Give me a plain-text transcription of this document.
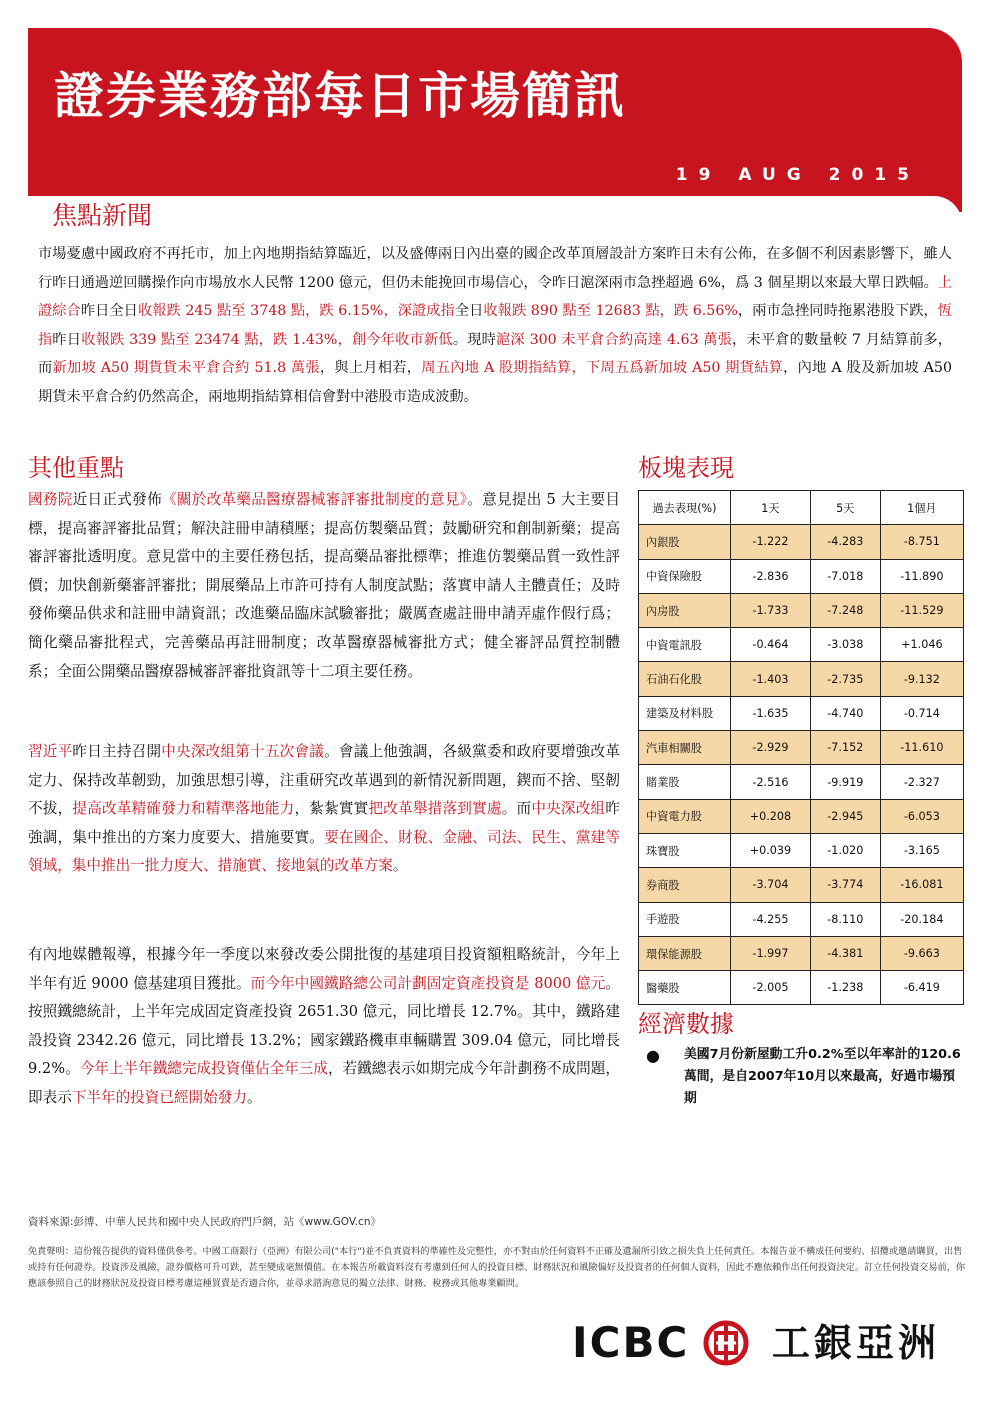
證券業務部每日市場簡訊
19 AUG 2015
焦點新聞

市場憂慮中國政府不再托市，加上內地期指結算臨近，以及盛傳兩日內出臺的國企改革頂層設計方案昨日未有公佈，在多個不利因素影響下，雖人行昨日通過逆回購操作向市場放水人民幣 1200 億元，但仍未能挽回市場信心，令昨日滬深兩市急挫超過 6%，爲 3 個星期以來最大單日跌幅。上證綜合昨日全日收報跌 245 點至 3748 點，跌 6.15%，深證成指全日收報跌 890 點至 12683 點，跌 6.56%，兩市急挫同時拖累港股下跌，恆指昨日收報跌 339 點至 23474 點，跌 1.43%，創今年收市新低。現時滬深 300 未平倉合約高達 4.63 萬張，未平倉的數量較 7 月結算前多，而新加坡 A50 期貨貨未平倉合約 51.8 萬張，與上月相若，周五內地 A 股期指結算，下周五爲新加坡 A50 期貨結算，內地 A 股及新加坡 A50 期貨未平倉合約仍然高企，兩地期指結算相信會對中港股市造成波動。

其他重點

國務院近日正式發佈《關於改革藥品醫療器械審評審批制度的意見》。意見提出 5 大主要目標，提高審評審批品質；解決註冊申請積壓；提高仿製藥品質；鼓勵研究和創制新藥；提高審評審批透明度。意見當中的主要任務包括，提高藥品審批標準；推進仿製藥品質一致性評價；加快創新藥審評審批；開展藥品上市許可持有人制度試點；落實申請人主體責任；及時發佈藥品供求和註冊申請資訊；改進藥品臨床試驗審批；嚴厲查處註冊申請弄虛作假行爲；簡化藥品審批程式，完善藥品再註冊制度；改革醫療器械審批方式；健全審評品質控制體系；全面公開藥品醫療器械審評審批資訊等十二項主要任務。

習近平昨日主持召開中央深改組第十五次會議。會議上他強調，各級黨委和政府要增強改革定力、保持改革韌勁，加強思想引導，注重研究改革遇到的新情況新問題，鍥而不捨、堅韌不拔，提高改革精確發力和精準落地能力，紮紮實實把改革舉措落到實處。而中央深改組昨強調，集中推出的方案力度要大、措施要實。要在國企、財稅、金融、司法、民生、黨建等領域，集中推出一批力度大、措施實、接地氣的改革方案。

有內地媒體報導，根據今年一季度以來發改委公開批復的基建項目投資額粗略統計，今年上半年有近 9000 億基建項目獲批。而今年中國鐵路總公司計劃固定資產投資是 8000 億元。按照鐵總統計，上半年完成固定資產投資 2651.30 億元，同比增長 12.7%。其中，鐵路建設投資 2342.26 億元，同比增長 13.2%；國家鐵路機車車輛購置 309.04 億元，同比增長 9.2%。今年上半年鐵總完成投資僅佔全年三成，若鐵總表示如期完成今年計劃務不成問題，即表示下半年的投資已經開始發力。

板塊表現
過去表現(%)	1天	5天	1個月
內銀股	-1.222	-4.283	-8.751
中資保險股	-2.836	-7.018	-11.890
內房股	-1.733	-7.248	-11.529
中資電訊股	-0.464	-3.038	+1.046
石油石化股	-1.403	-2.735	-9.132
建築及材料股	-1.635	-4.740	-0.714
汽車相關股	-2.929	-7.152	-11.610
賭業股	-2.516	-9.919	-2.327
中資電力股	+0.208	-2.945	-6.053
珠寶股	+0.039	-1.020	-3.165
券商股	-3.704	-3.774	-16.081
手遊股	-4.255	-8.110	-20.184
環保能源股	-1.997	-4.381	-9.663
醫藥股	-2.005	-1.238	-6.419
經濟數據
● 美國7月份新屋動工升0.2%至以年率計的120.6萬間，是自2007年10月以來最高，好過市場預期

資料來源:彭博、中華人民共和國中央人民政府門戶網，站《www.GOV.cn》

免責聲明：這份報告提供的資料僅供參考。中國工商銀行（亞洲）有限公司("本行")並不負責資料的準確性及完整性，亦不對由於任何資料不正確及遺漏所引致之損失負上任何責任。本報告並不構成任何要約、招攬或邀請購買，出售或持有任何證券。投資涉及風險，證券價格可升可跌，甚至變成毫無價值。在本報告所載資料沒有考慮到任何人的投資目標、財務狀況和風險偏好及投資者的任何個人資料，因此不應依賴作出任何投資決定。訂立任何投資交易前，你應該參照自己的財務狀況及投資目標考慮這種買賣是否適合你，並尋求諮詢意見的獨立法律、財務、稅務或其他專業顧問。

ICBC 工銀亞洲
